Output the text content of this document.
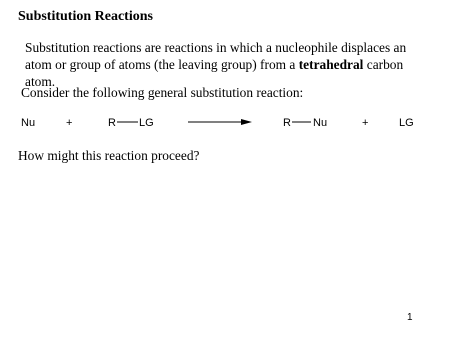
Substitution Reactions
Substitution reactions are reactions in which a nucleophile displaces an atom or group of atoms (the leaving group) from a tetrahedral carbon atom.
Consider the following general substitution reaction:
Nu	+	R LG	R Nu	+	LG
How might this reaction proceed?
1
